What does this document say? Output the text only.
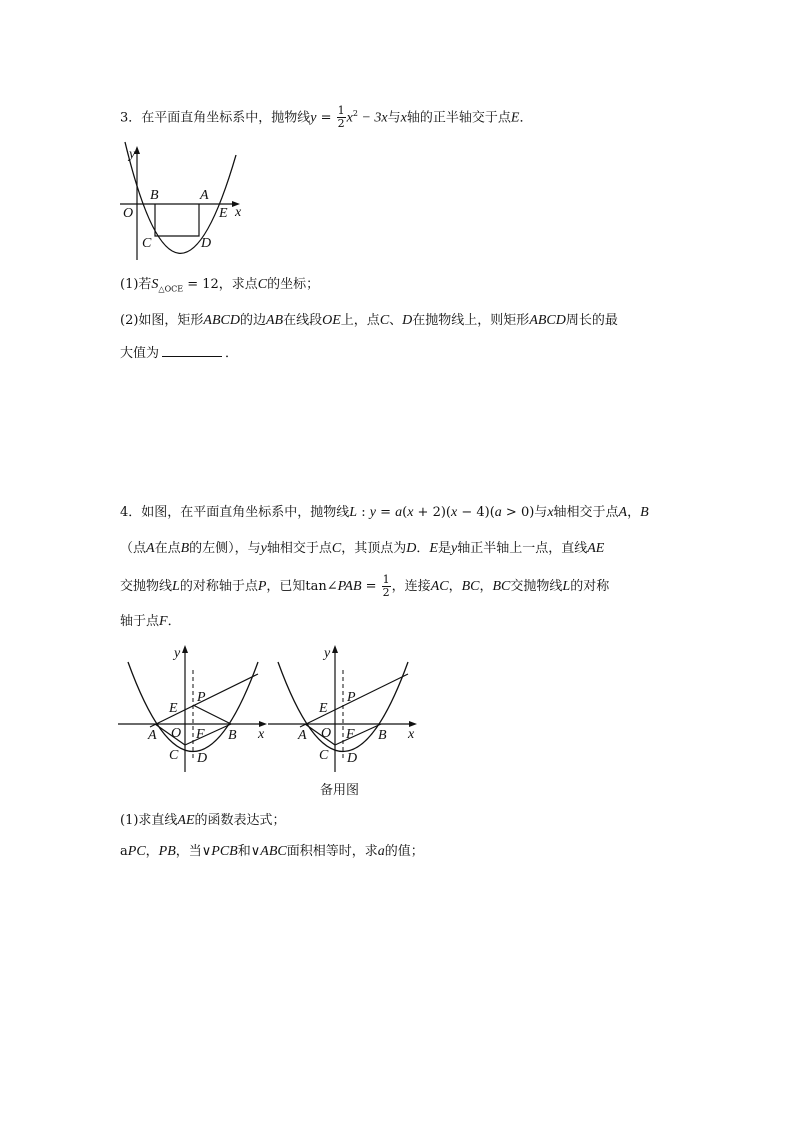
3．在平面直角坐标系中，抛物线$y = \frac{1}{2} x^2 - 3x$与x轴的正半轴交于点E．
y
x
O
B	A
E
C	D
(1)若$S_{\triangle OCE} = 12$，求点C的坐标；
(2)如图，矩形ABCD的边AB在线段OE上，点C、D在抛物线上，则矩形ABCD周长的最
大值为	．
4．如图，在平面直角坐标系中，抛物线L : y = a(x + 2)(x − 4)(a > 0)与x轴相交于点A，B
（点A在点B的左侧），与y轴相交于点C，其顶点为D．E是y轴正半轴上一点，直线AE
交抛物线L的对称轴于点P，已知tan∠PAB = $\frac{1}{2}$ ，连接AC，BC，BC交抛物线L的对称
轴于点F．
y
x
E
P
A O F B
C D
y
x
E
P
A O F B
C D
备用图
(1)求直线AE的函数表达式；
aPC，PB，当∨PCB和∨ABC面积相等时，求a的值；
